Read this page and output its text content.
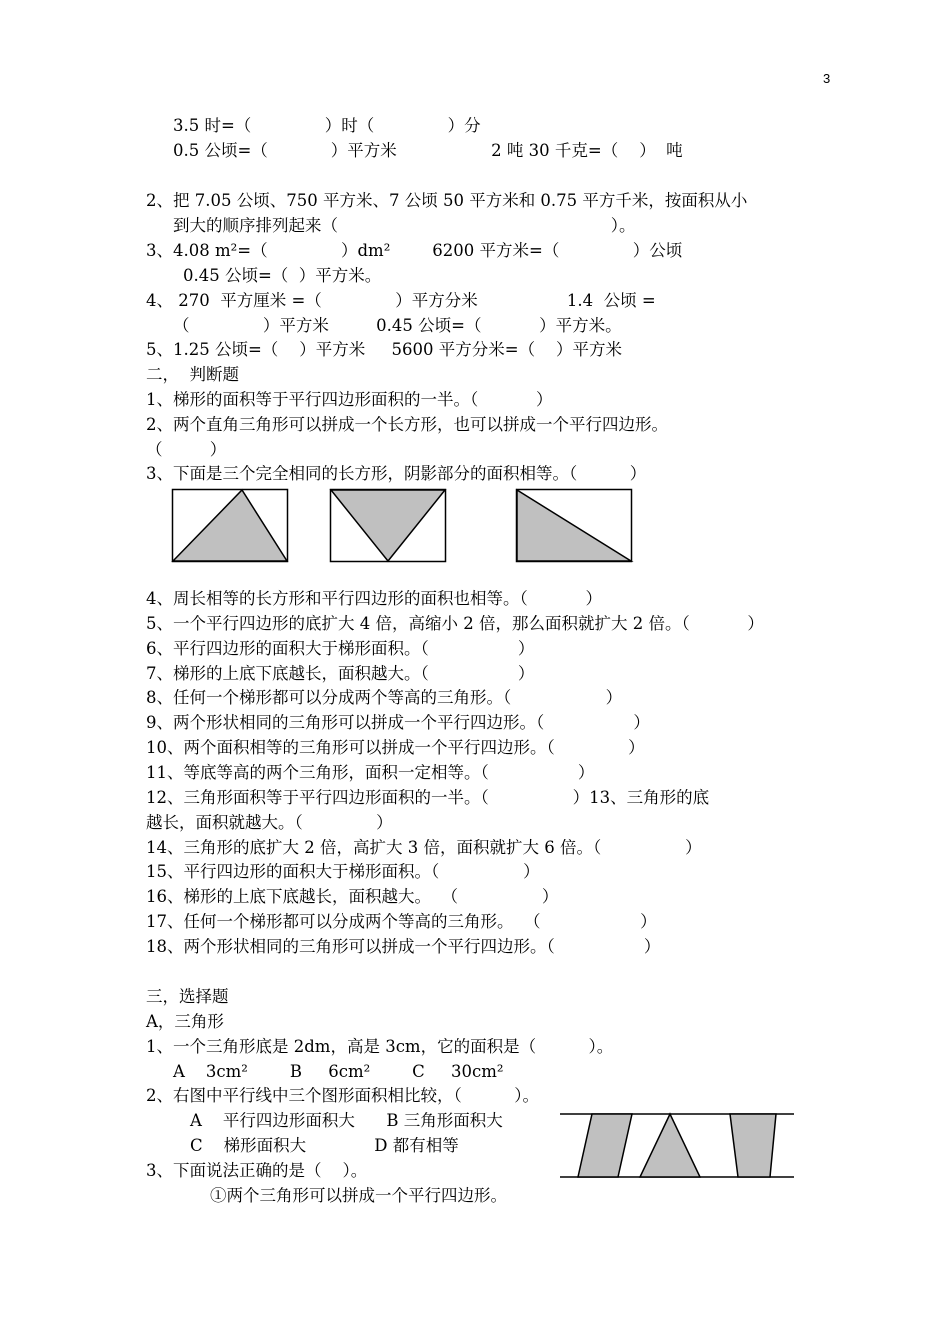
3
3.5 时=（              ）时（              ）分
0.5 公顷=（            ）平方米                  2 吨 30 千克=（    ）  吨
2、把 7.05 公顷、750 平方米、7 公顷 50 平方米和 0.75 平方千米，按面积从小
到大的顺序排列起来（                                                    ）。
3、4.08 m²=（              ）dm²        6200 平方米=（              ）公顷
0.45 公顷=（  ）平方米。
4、 270  平方厘米 =（              ）平方分米                 1.4  公顷 =
（              ）平方米         0.45 公顷=（           ）平方米。
5、1.25 公顷=（    ）平方米     5600 平方分米=（    ）平方米
二，  判断题
1、梯形的面积等于平行四边形面积的一半。（           ）
2、两个直角三角形可以拼成一个长方形，也可以拼成一个平行四边形。
（         ）
3、下面是三个完全相同的长方形，阴影部分的面积相等。（          ）
4、周长相等的长方形和平行四边形的面积也相等。（           ）
5、一个平行四边形的底扩大 4 倍，高缩小 2 倍，那么面积就扩大 2 倍。（           ）
6、平行四边形的面积大于梯形面积。（                 ）
7、梯形的上底下底越长，面积越大。（                 ）
8、任何一个梯形都可以分成两个等高的三角形。（                  ）
9、两个形状相同的三角形可以拼成一个平行四边形。（                 ）
10、两个面积相等的三角形可以拼成一个平行四边形。（              ）
11、等底等高的两个三角形，面积一定相等。（                 ）
12、三角形面积等于平行四边形面积的一半。（                ）13、三角形的底
越长，面积就越大。（              ）
14、三角形的底扩大 2 倍，高扩大 3 倍，面积就扩大 6 倍。（                ）
15、平行四边形的面积大于梯形面积。（                ）
16、梯形的上底下底越长，面积越大。  （                ）
17、任何一个梯形都可以分成两个等高的三角形。  （                   ）
18、两个形状相同的三角形可以拼成一个平行四边形。（                 ）
三，选择题
A，三角形
1、一个三角形底是 2dm，高是 3cm，它的面积是（          ）。
A    3cm²        B     6cm²        C     30cm²
2、右图中平行线中三个图形面积相比较，（          ）。
A    平行四边形面积大      B 三角形面积大
C    梯形面积大             D 都有相等
3、下面说法正确的是（    ）。
①两个三角形可以拼成一个平行四边形。
